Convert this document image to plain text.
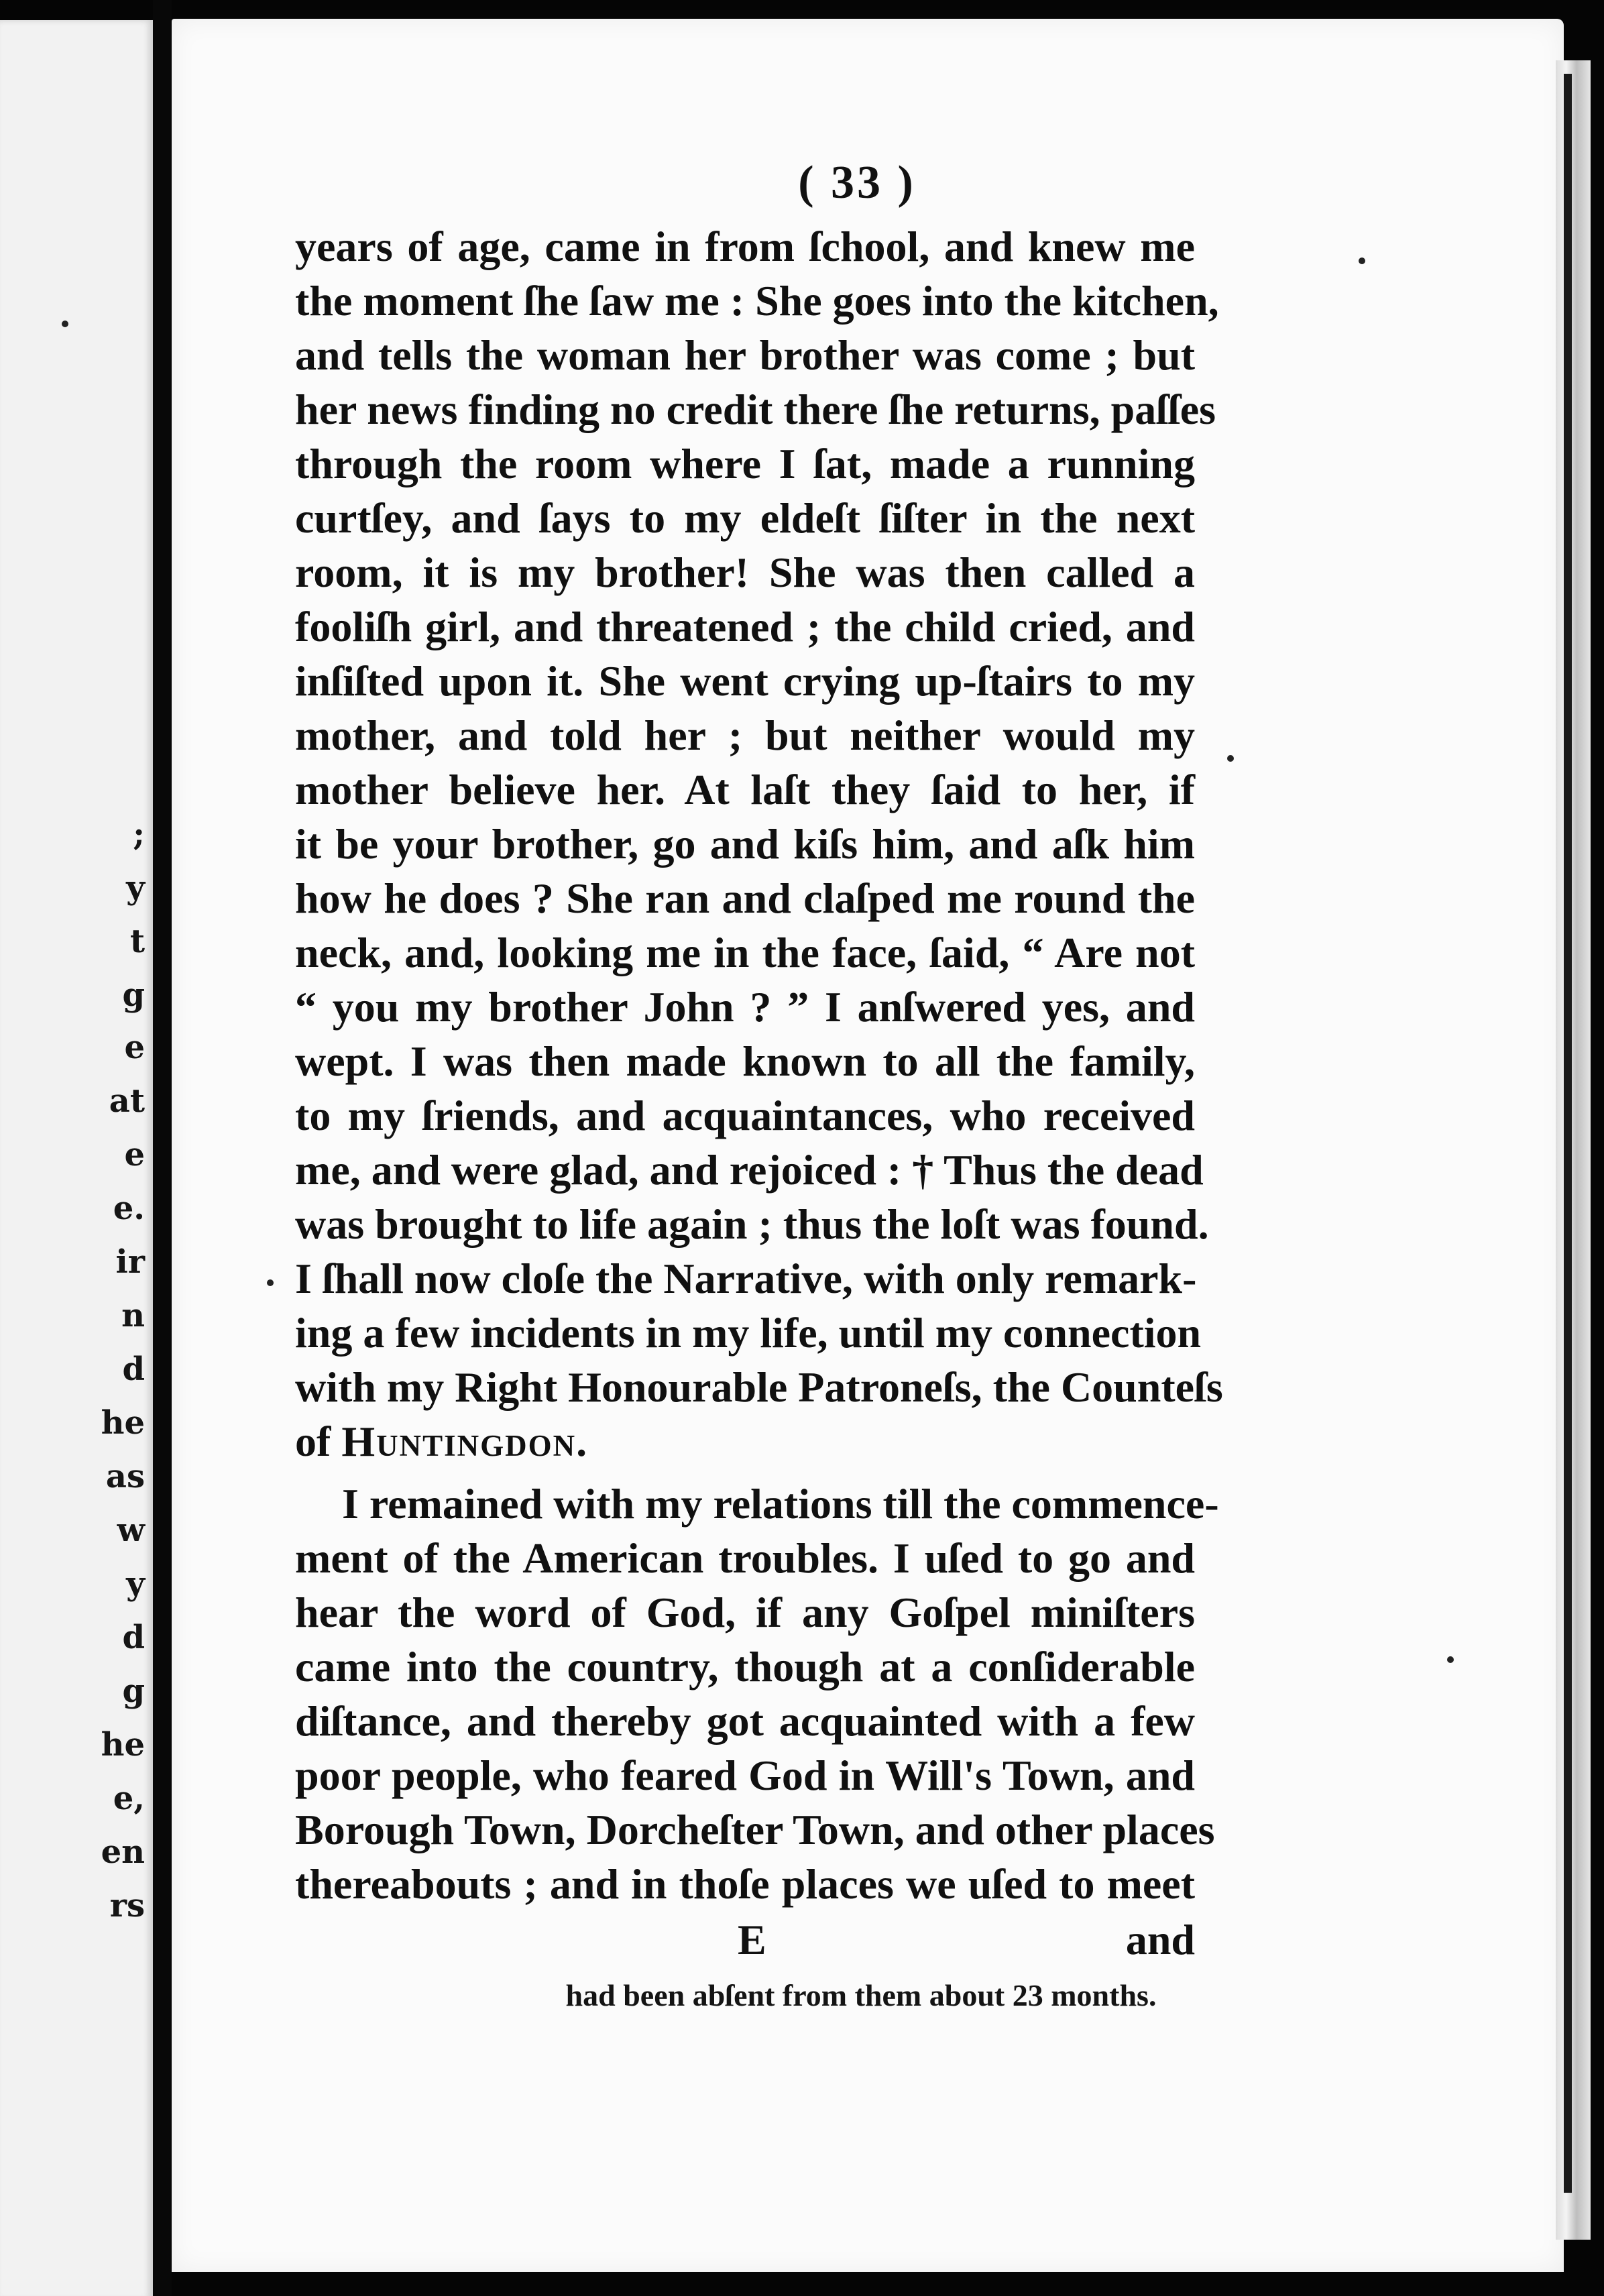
;
y
t
g
e
at
e
e.
ir
n
d
he
as
w
y
d
g
he
e,
en
rs
( 33 )
years of age, came in from ſchool, and knew me
the moment ſhe ſaw me : She goes into the kitchen,
and tells the woman her brother was come ; but
her news finding no credit there ſhe returns, paſſes
through the room where I ſat, made a running
curtſey, and ſays to my eldeſt ſiſter in the next
room, it is my brother! She was then called a
fooliſh girl, and threatened ; the child cried, and
inſiſted upon it. She went crying up-ſtairs to my
mother, and told her ; but neither would my
mother believe her. At laſt they ſaid to her, if
it be your brother, go and kiſs him, and aſk him
how he does ? She ran and claſped me round the
neck, and, looking me in the face, ſaid, “ Are not
“ you my brother John ? ” I anſwered yes, and
wept. I was then made known to all the family,
to my ſriends, and acquaintances, who received
me, and were glad, and rejoiced : † Thus the dead
was brought to life again ; thus the loſt was found.
I ſhall now cloſe the Narrative, with only remark-
ing a few incidents in my life, until my connection
with my Right Honourable Patroneſs, the Counteſs
of Huntingdon.
I remained with my relations till the commence-
ment of the American troubles. I uſed to go and
hear the word of God, if any Goſpel miniſters
came into the country, though at a conſiderable
diſtance, and thereby got acquainted with a few
poor people, who feared God in Will's Town, and
Borough Town, Dorcheſter Town, and other places
thereabouts ; and in thoſe places we uſed to meet
E	and
had been abſent from them about 23 months.
